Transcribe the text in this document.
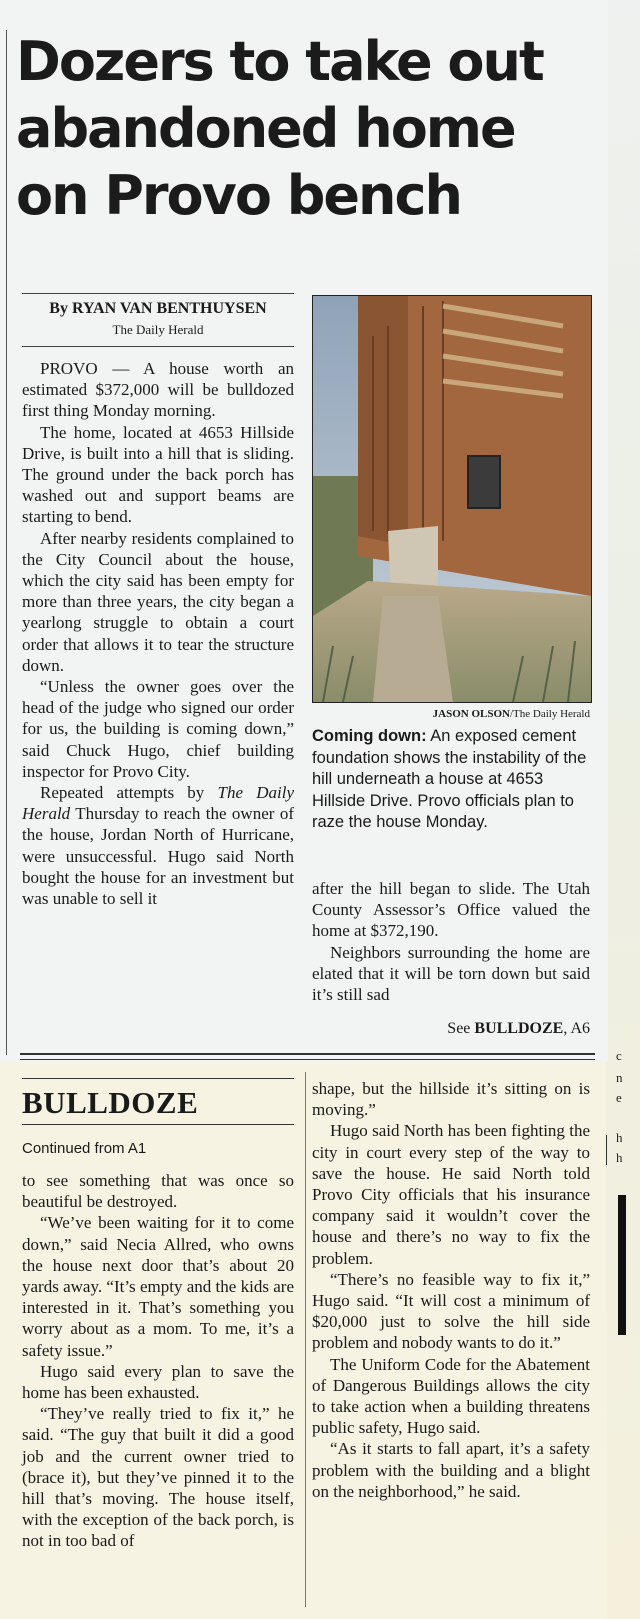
Dozers to take out abandoned home on Provo bench
By RYAN VAN BENTHUYSEN
The Daily Herald

PROVO — A house worth an estimated $372,000 will be bulldozed first thing Monday morning.

The home, located at 4653 Hillside Drive, is built into a hill that is sliding. The ground under the back porch has washed out and support beams are starting to bend.

After nearby residents complained to the City Council about the house, which the city said has been empty for more than three years, the city began a yearlong struggle to obtain a court order that allows it to tear the structure down.

“Unless the owner goes over the head of the judge who signed our order for us, the building is coming down,” said Chuck Hugo, chief building inspector for Provo City.

Repeated attempts by The Daily Herald Thursday to reach the owner of the house, Jordan North of Hurricane, were unsuccessful. Hugo said North bought the house for an investment but was unable to sell it

JASON OLSON/The Daily Herald
Coming down: An exposed cement foundation shows the instability of the hill underneath a house at 4653 Hillside Drive. Provo officials plan to raze the house Monday.

after the hill began to slide. The Utah County Assessor’s Office valued the home at $372,190.

Neighbors surrounding the home are elated that it will be torn down but said it’s still sad

See BULLDOZE, A6
BULLDOZE
Continued from A1

to see something that was once so beautiful be destroyed.

“We’ve been waiting for it to come down,” said Necia Allred, who owns the house next door that’s about 20 yards away. “It’s empty and the kids are interested in it. That’s something you worry about as a mom. To me, it’s a safety issue.”

Hugo said every plan to save the home has been exhausted.

“They’ve really tried to fix it,” he said. “The guy that built it did a good job and the current owner tried to (brace it), but they’ve pinned it to the hill that’s moving. The house itself, with the exception of the back porch, is not in too bad of

shape, but the hillside it’s sitting on is moving.”

Hugo said North has been fighting the city in court every step of the way to save the house. He said North told Provo City officials that his insurance company said it wouldn’t cover the house and there’s no way to fix the problem.

“There’s no feasible way to fix it,” Hugo said. “It will cost a minimum of $20,000 just to solve the hill side problem and nobody wants to do it.”

The Uniform Code for the Abatement of Dangerous Buildings allows the city to take action when a building threatens public safety, Hugo said.

“As it starts to fall apart, it’s a safety problem with the building and a blight on the neighborhood,” he said.

c
n
e
h
h
